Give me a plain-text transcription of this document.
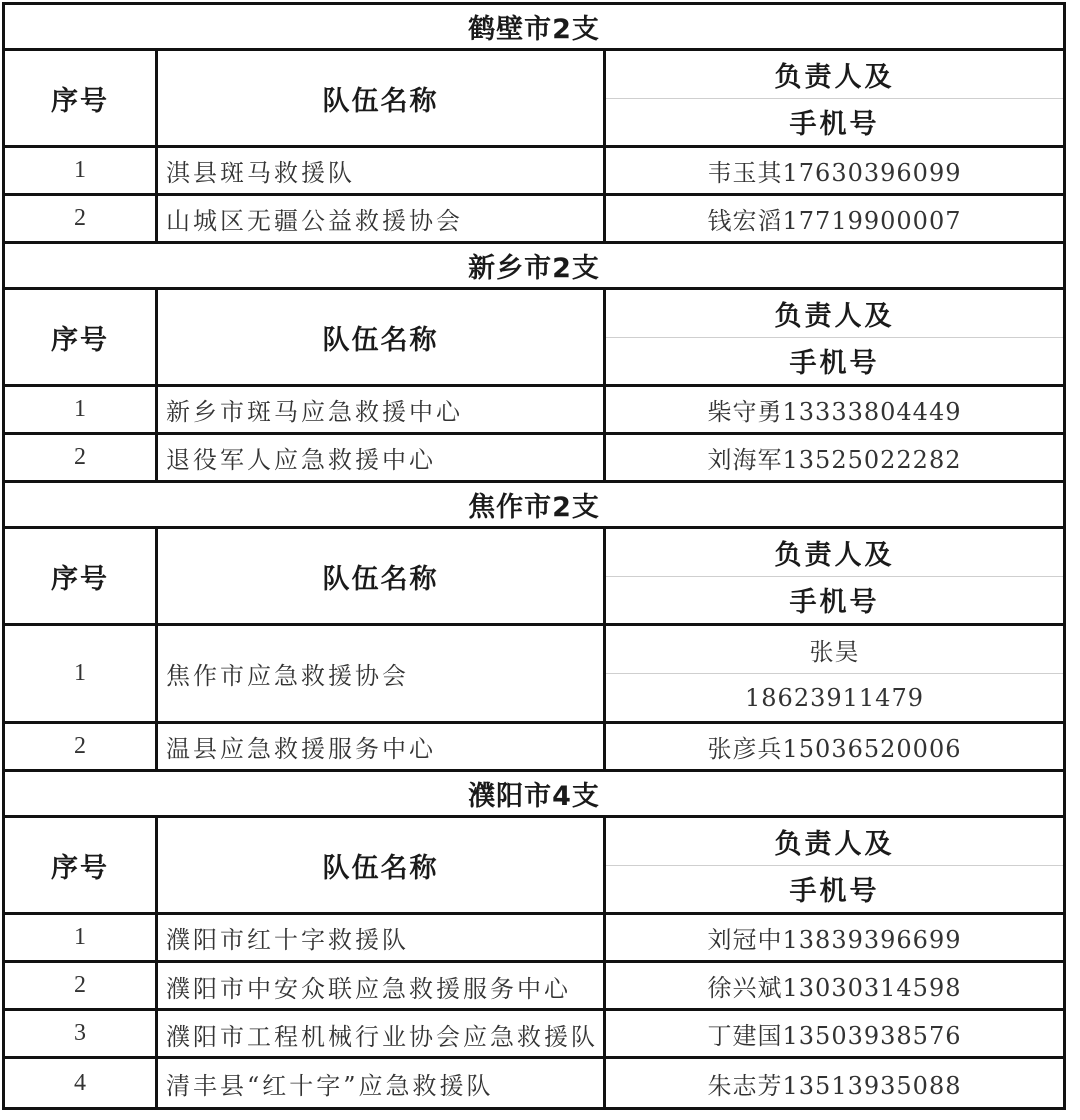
鹤壁市2支
序号	队伍名称
负责人及
手机号
1	淇县斑马救援队	韦玉其17630396099
2	山城区无疆公益救援协会	钱宏滔17719900007
新乡市2支
序号	队伍名称
负责人及
手机号
1	新乡市斑马应急救援中心	柴守勇13333804449
2	退役军人应急救援中心	刘海军13525022282
焦作市2支
序号	队伍名称
负责人及
手机号
1	焦作市应急救援协会
张昊
18623911479
2	温县应急救援服务中心	张彦兵15036520006
濮阳市4支
序号	队伍名称
负责人及
手机号
1	濮阳市红十字救援队	刘冠中13839396699
2	濮阳市中安众联应急救援服务中心	徐兴斌13030314598
3	濮阳市工程机械行业协会应急救援队	丁建国13503938576
4	清丰县“红十字”应急救援队	朱志芳13513935088
